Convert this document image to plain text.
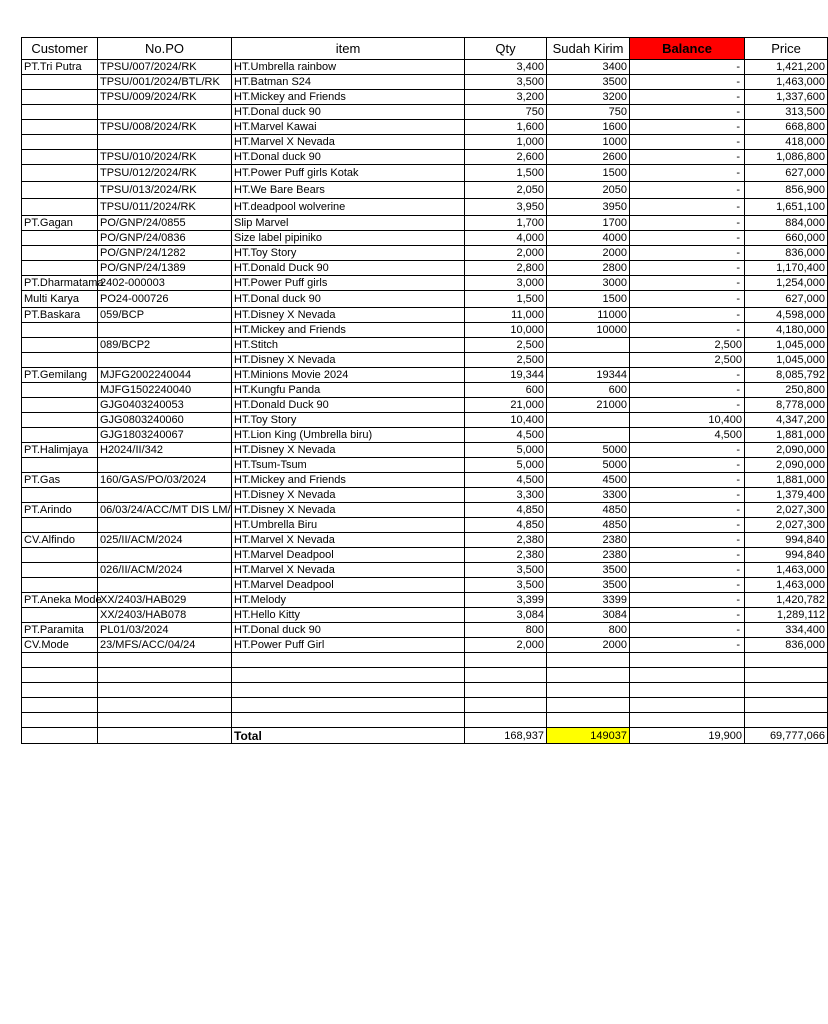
Customer	No.PO	item	Qty	Sudah Kirim	Balance	Price
PT.Tri Putra	TPSU/007/2024/RK	HT.Umbrella rainbow	3,400	3400	-	1,421,200
	TPSU/001/2024/BTL/RK	HT.Batman S24	3,500	3500	-	1,463,000
	TPSU/009/2024/RK	HT.Mickey and Friends	3,200	3200	-	1,337,600
		HT.Donal duck 90	750	750	-	313,500
	TPSU/008/2024/RK	HT.Marvel Kawai	1,600	1600	-	668,800
		HT.Marvel X Nevada	1,000	1000	-	418,000
	TPSU/010/2024/RK	HT.Donal duck 90	2,600	2600	-	1,086,800
	TPSU/012/2024/RK	HT.Power Puff girls Kotak	1,500	1500	-	627,000
	TPSU/013/2024/RK	HT.We Bare Bears	2,050	2050	-	856,900
	TPSU/011/2024/RK	HT.deadpool wolverine	3,950	3950	-	1,651,100
PT.Gagan	PO/GNP/24/0855	Slip Marvel	1,700	1700	-	884,000
	PO/GNP/24/0836	Size label pipiniko	4,000	4000	-	660,000
	PO/GNP/24/1282	HT.Toy Story	2,000	2000	-	836,000
	PO/GNP/24/1389	HT.Donald Duck 90	2,800	2800	-	1,170,400
PT.Dharmatama	2402-000003	HT.Power Puff girls	3,000	3000	-	1,254,000
Multi Karya	PO24-000726	HT.Donal duck 90	1,500	1500	-	627,000
PT.Baskara	059/BCP	HT.Disney X Nevada	11,000	11000	-	4,598,000
		HT.Mickey and Friends	10,000	10000	-	4,180,000
	089/BCP2	HT.Stitch	2,500		2,500	1,045,000
		HT.Disney X Nevada	2,500		2,500	1,045,000
PT.Gemilang	MJFG2002240044	HT.Minions Movie 2024	19,344	19344	-	8,085,792
	MJFG1502240040	HT.Kungfu Panda	600	600	-	250,800
	GJG0403240053	HT.Donald Duck 90	21,000	21000	-	8,778,000
	GJG0803240060	HT.Toy Story	10,400		10,400	4,347,200
	GJG1803240067	HT.Lion King (Umbrella biru)	4,500		4,500	1,881,000
PT.Halimjaya	H2024/II/342	HT.Disney X Nevada	5,000	5000	-	2,090,000
		HT.Tsum-Tsum	5,000	5000	-	2,090,000
PT.Gas	160/GAS/PO/03/2024	HT.Mickey and Friends	4,500	4500	-	1,881,000
		HT.Disney X Nevada	3,300	3300	-	1,379,400
PT.Arindo	06/03/24/ACC/MT DIS LM/	HT.Disney X Nevada	4,850	4850	-	2,027,300
		HT.Umbrella Biru	4,850	4850	-	2,027,300
CV.Alfindo	025/II/ACM/2024	HT.Marvel X Nevada	2,380	2380	-	994,840
		HT.Marvel Deadpool	2,380	2380	-	994,840
	026/II/ACM/2024	HT.Marvel X Nevada	3,500	3500	-	1,463,000
		HT.Marvel Deadpool	3,500	3500	-	1,463,000
PT.Aneka Mode	XX/2403/HAB029	HT.Melody	3,399	3399	-	1,420,782
	XX/2403/HAB078	HT.Hello Kitty	3,084	3084	-	1,289,112
PT.Paramita	PL01/03/2024	HT.Donal duck 90	800	800	-	334,400
CV.Mode	23/MFS/ACC/04/24	HT.Power Puff Girl	2,000	2000	-	836,000

		Total	168,937	149037	19,900	69,777,066
